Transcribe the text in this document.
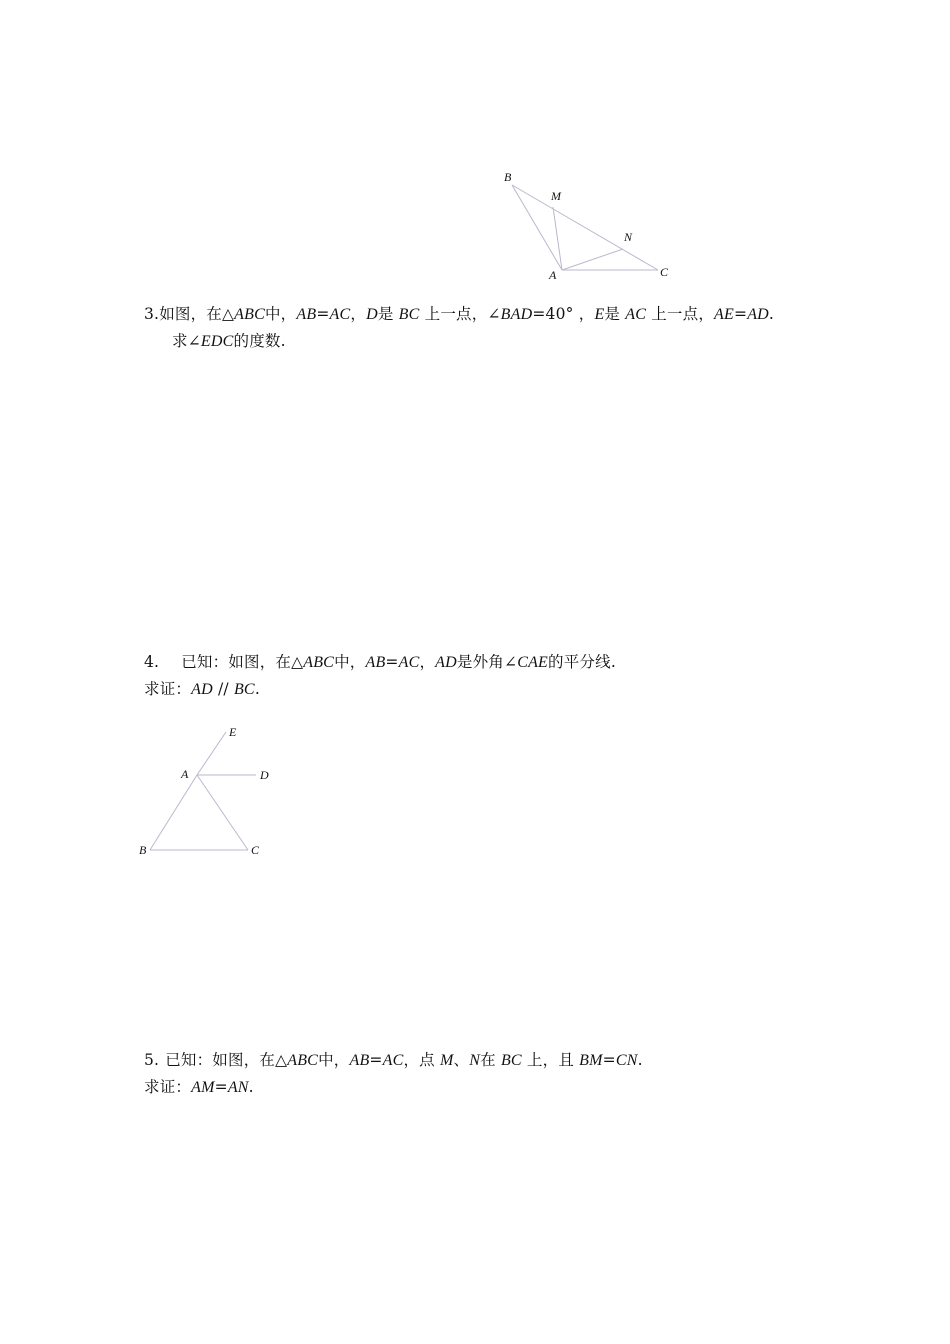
B
M
N
A	C
3.如图，在△ABC中，AB=AC，D是 BC 上一点，∠BAD=40° ，E是 AC 上一点，AE=AD.
求∠EDC的度数.
4. 已知：如图，在△ABC中，AB=AC，AD是外角∠CAE的平分线.
求证：AD // BC.
E
A	D
B	C
5. 已知：如图，在△ABC中，AB=AC，点 M、N在 BC 上，且 BM=CN.
求证：AM=AN.
